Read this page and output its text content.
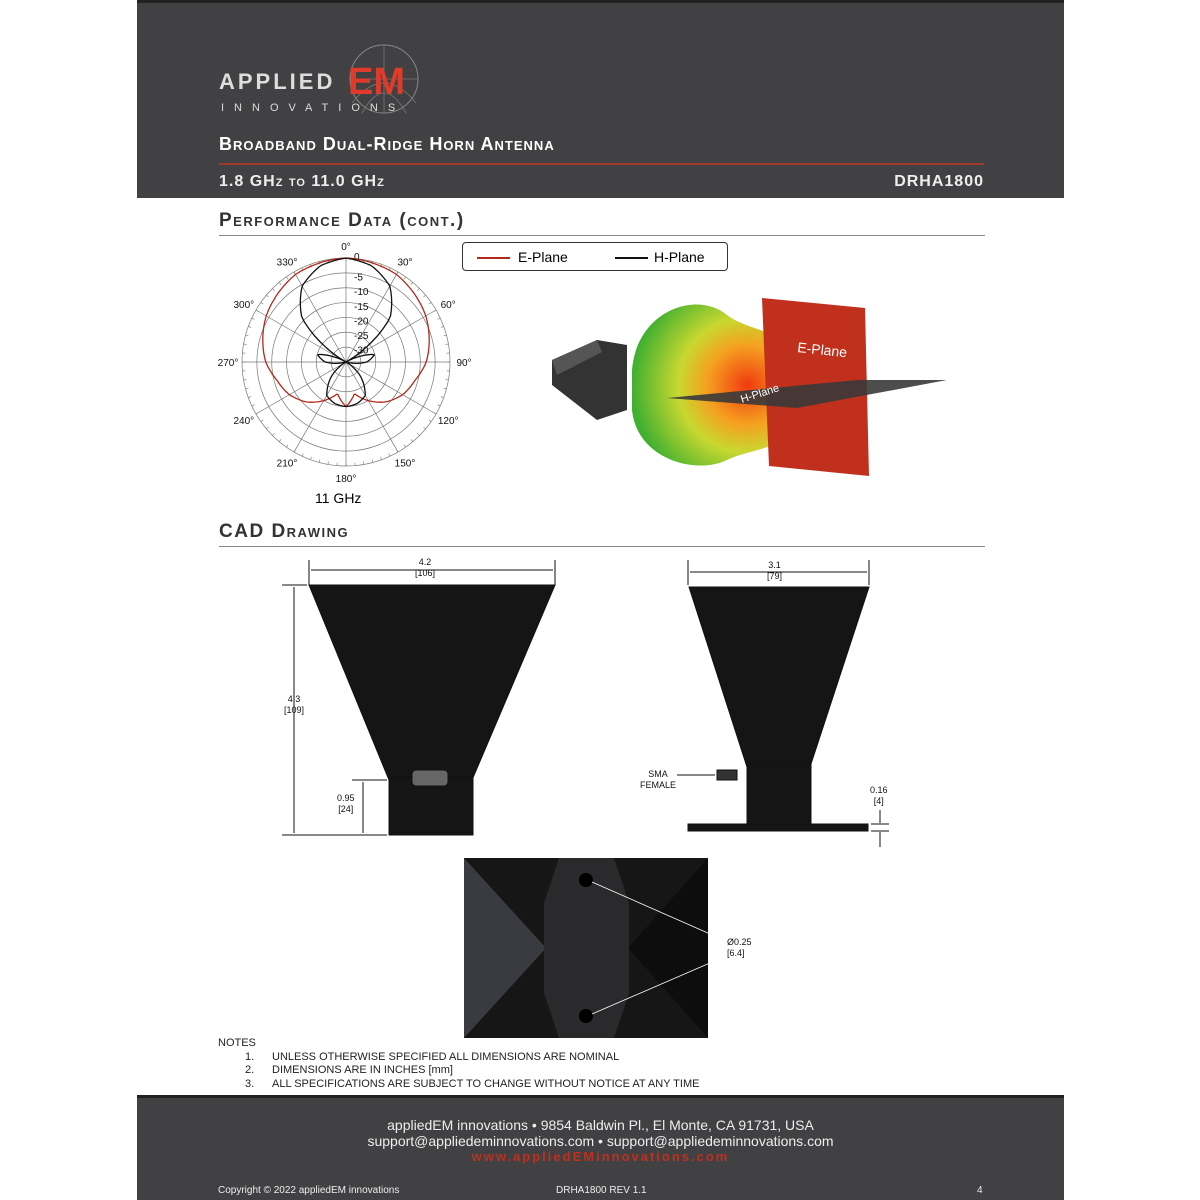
APPLIED EM
INNOVATIONS
Broadband Dual-Ridge Horn Antenna
1.8 GHz to 11.0 GHz	DRHA1800
Performance Data (cont.)
0°
30°
60°
90°
120°
150°
180°
210°
240°
270°
300°
330°
0
-5
-10
-15
-20
-25
-30
11 GHz
E-Plane	H-Plane
E-Plane
H-Plane
CAD Drawing
4.2
[106]
4.3
[109]
0.95
[24]
3.1
[79]
SMA
FEMALE	0.16
[4]
Ø0.25
[6.4]
NOTES
1. UNLESS OTHERWISE SPECIFIED ALL DIMENSIONS ARE NOMINAL
2. DIMENSIONS ARE IN INCHES [mm]
3. ALL SPECIFICATIONS ARE SUBJECT TO CHANGE WITHOUT NOTICE AT ANY TIME
appliedEM innovations • 9854 Baldwin Pl., El Monte, CA 91731, USA
support@appliedeminnovations.com • support@appliedeminnovations.com
www.appliedEMinnovations.com
Copyright © 2022 appliedEM innovations	DRHA1800 REV 1.1	4
